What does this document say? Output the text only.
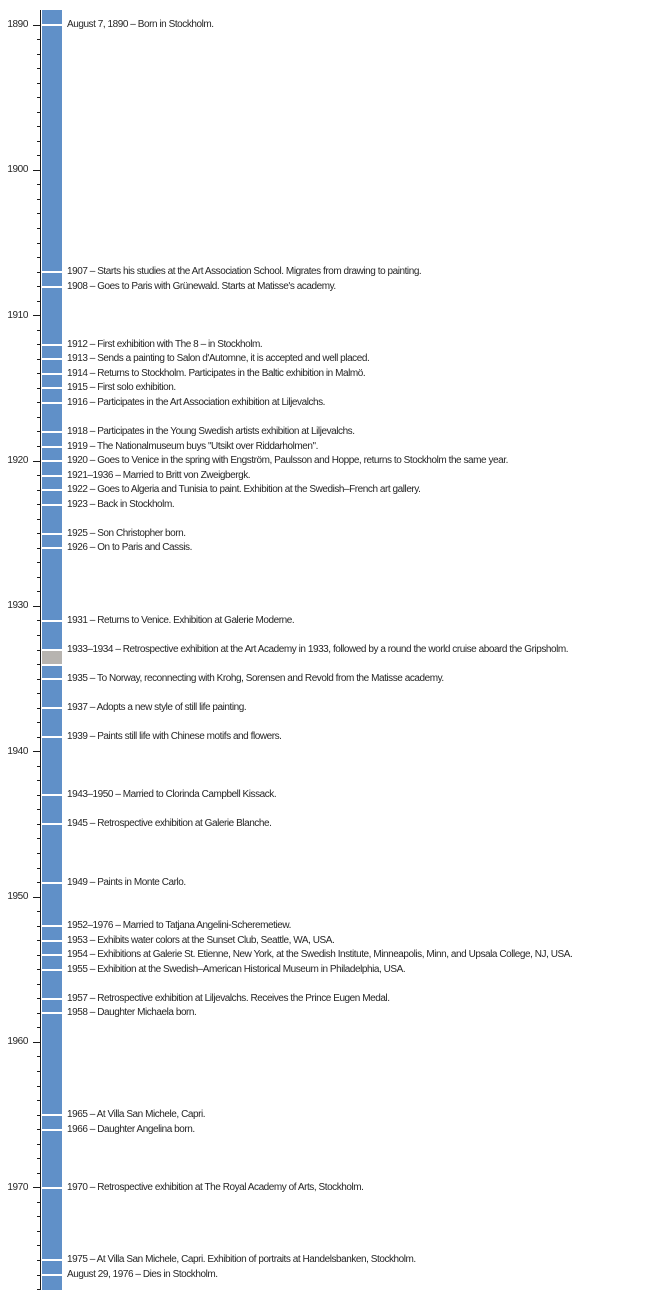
1890
1900
1910
1920
1930
1940
1950
1960
1970
August 7, 1890 – Born in Stockholm.
1907 – Starts his studies at the Art Association School. Migrates from drawing to painting.
1908 – Goes to Paris with Grünewald. Starts at Matisse's academy.
1912 – First exhibition with The 8 – in Stockholm.
1913 – Sends a painting to Salon d'Automne, it is accepted and well placed.
1914 – Returns to Stockholm. Participates in the Baltic exhibition in Malmö.
1915 – First solo exhibition.
1916 – Participates in the Art Association exhibition at Liljevalchs.
1918 – Participates in the Young Swedish artists exhibition at Liljevalchs.
1919 – The Nationalmuseum buys "Utsikt over Riddarholmen".
1920 – Goes to Venice in the spring with Engström, Paulsson and Hoppe, returns to Stockholm the same year.
1921–1936 – Married to Britt von Zweigbergk.
1922 – Goes to Algeria and Tunisia to paint. Exhibition at the Swedish–French art gallery.
1923 – Back in Stockholm.
1925 – Son Christopher born.
1926 – On to Paris and Cassis.
1931 – Returns to Venice. Exhibition at Galerie Moderne.
1933–1934 – Retrospective exhibition at the Art Academy in 1933, followed by a round the world cruise aboard the Gripsholm.
1935 – To Norway, reconnecting with Krohg, Sorensen and Revold from the Matisse academy.
1937 – Adopts a new style of still life painting.
1939 – Paints still life with Chinese motifs and flowers.
1943–1950 – Married to Clorinda Campbell Kissack.
1945 – Retrospective exhibition at Galerie Blanche.
1949 – Paints in Monte Carlo.
1952–1976 – Married to Tatjana Angelini-Scheremetiew.
1953 – Exhibits water colors at the Sunset Club, Seattle, WA, USA.
1954 – Exhibitions at Galerie St. Etienne, New York, at the Swedish Institute, Minneapolis, Minn, and Upsala College, NJ, USA.
1955 – Exhibition at the Swedish–American Historical Museum in Philadelphia, USA.
1957 – Retrospective exhibition at Liljevalchs. Receives the Prince Eugen Medal.
1958 – Daughter Michaela born.
1965 – At Villa San Michele, Capri.
1966 – Daughter Angelina born.
1970 – Retrospective exhibition at The Royal Academy of Arts, Stockholm.
1975 – At Villa San Michele, Capri. Exhibition of portraits at Handelsbanken, Stockholm.
August 29, 1976 – Dies in Stockholm.
